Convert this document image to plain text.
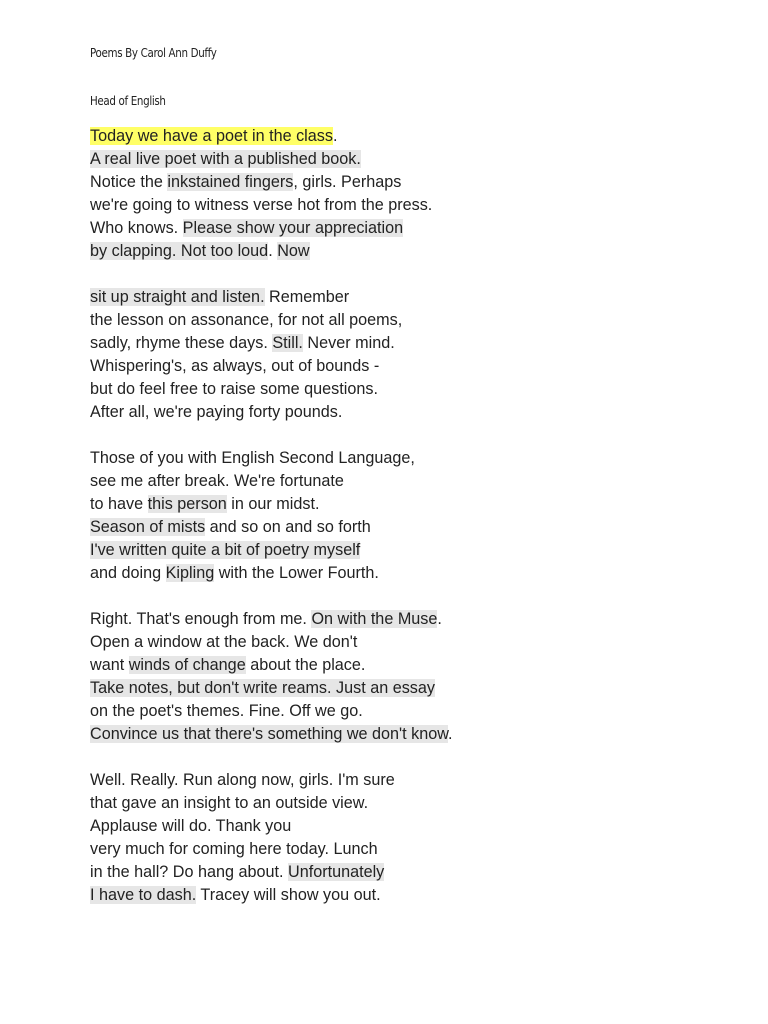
Poems By Carol Ann Duffy
Head of English
Today we have a poet in the class.
A real live poet with a published book.
Notice the inkstained fingers, girls. Perhaps
we're going to witness verse hot from the press.
Who knows. Please show your appreciation
by clapping. Not too loud. Now
sit up straight and listen. Remember
the lesson on assonance, for not all poems,
sadly, rhyme these days. Still. Never mind.
Whispering's, as always, out of bounds -
but do feel free to raise some questions.
After all, we're paying forty pounds.
Those of you with English Second Language,
see me after break. We're fortunate
to have this person in our midst.
Season of mists and so on and so forth
I've written quite a bit of poetry myself
and doing Kipling with the Lower Fourth.
Right. That's enough from me. On with the Muse.
Open a window at the back. We don't
want winds of change about the place.
Take notes, but don't write reams. Just an essay
on the poet's themes. Fine. Off we go.
Convince us that there's something we don't know.
Well. Really. Run along now, girls. I'm sure
that gave an insight to an outside view.
Applause will do. Thank you
very much for coming here today. Lunch
in the hall? Do hang about. Unfortunately
I have to dash. Tracey will show you out.
